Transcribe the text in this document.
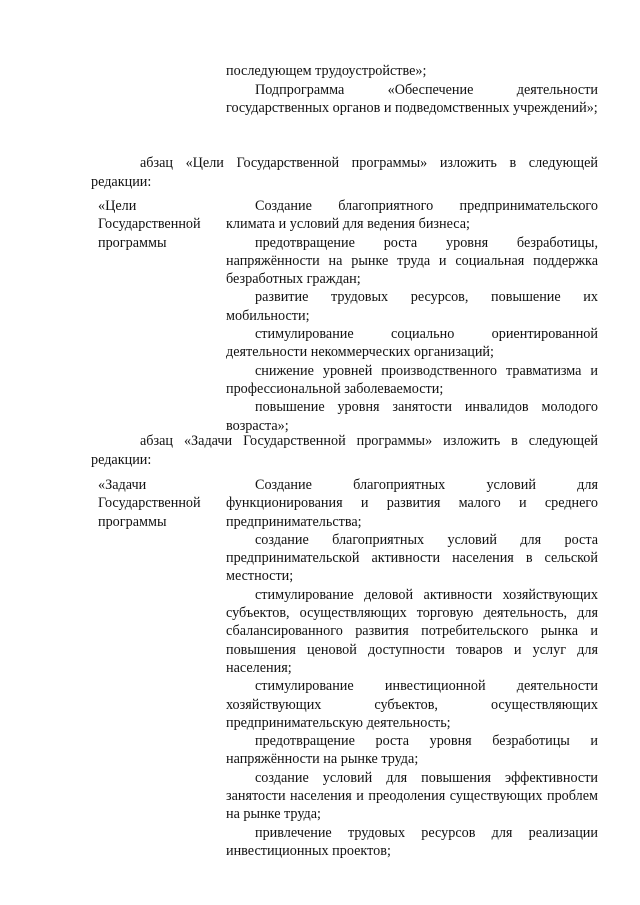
последующем трудоустройстве»;

Подпрограмма «Обеспечение деятельности государственных органов и подведомственных учреждений»;

абзац «Цели Государственной программы» изложить в следующей редакции:

«Цели
Государственной
программы

Создание благоприятного предпринимательского климата и условий для ведения бизнеса;

предотвращение роста уровня безработицы, напряжённости на рынке труда и социальная поддержка безработных граждан;

развитие трудовых ресурсов, повышение их мобильности;

стимулирование социально ориентированной деятельности некоммерческих организаций;

снижение уровней производственного травматизма и профессиональной заболеваемости;

повышение уровня занятости инвалидов молодого возраста»;

абзац «Задачи Государственной программы» изложить в следующей редакции:

«Задачи
Государственной
программы

Создание благоприятных условий для функционирования и развития малого и среднего предпринимательства;

создание благоприятных условий для роста предпринимательской активности населения в сельской местности;

стимулирование деловой активности хозяйствующих субъектов, осуществляющих торговую деятельность, для сбалансированного развития потребительского рынка и повышения ценовой доступности товаров и услуг для населения;

стимулирование инвестиционной деятельности хозяйствующих субъектов, осуществляющих предпринимательскую деятельность;

предотвращение роста уровня безработицы и напряжённости на рынке труда;

создание условий для повышения эффективности занятости населения и преодоления существующих проблем на рынке труда;

привлечение трудовых ресурсов для реализации инвестиционных проектов;
